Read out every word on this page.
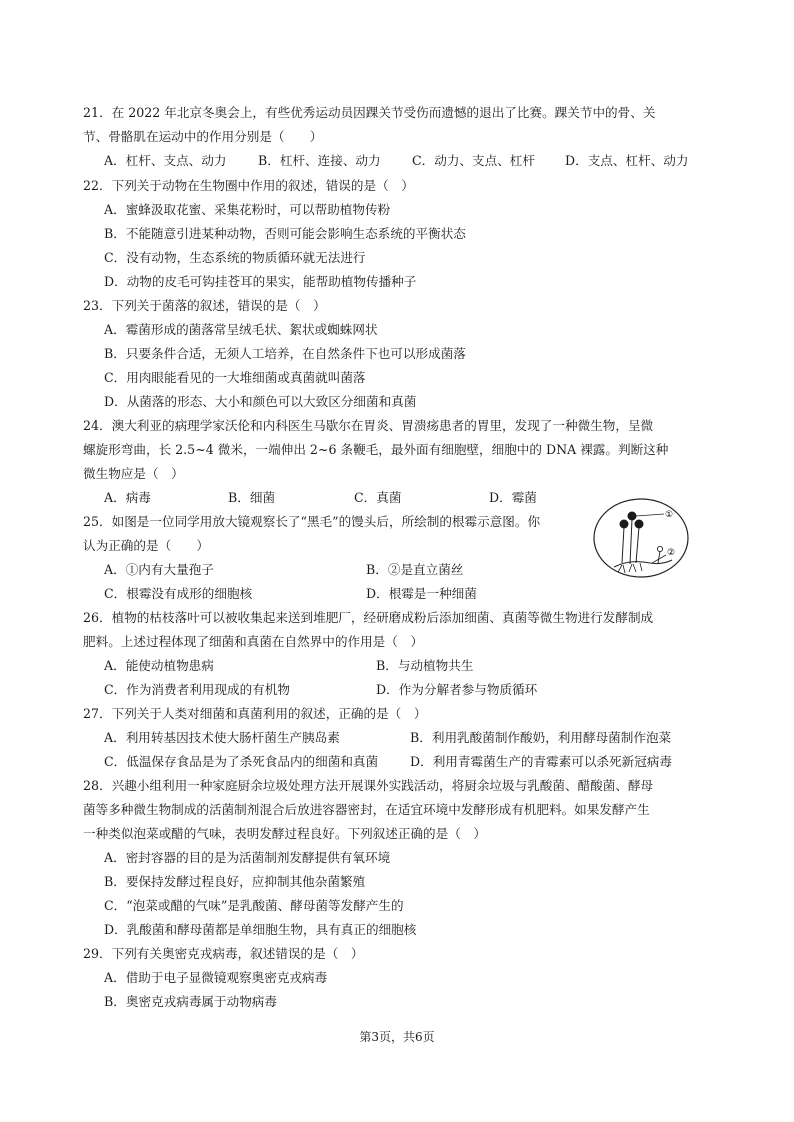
21．在 2022 年北京冬奥会上，有些优秀运动员因踝关节受伤而遗憾的退出了比赛。踝关节中的骨、关
节、骨骼肌在运动中的作用分别是（　　）
A．杠杆、支点、动力	B．杠杆、连接、动力 C．动力、支点、杠杆 D．支点、杠杆、动力
22．下列关于动物在生物圈中作用的叙述，错误的是（　）
A．蜜蜂汲取花蜜、采集花粉时，可以帮助植物传粉
B．不能随意引进某种动物，否则可能会影响生态系统的平衡状态
C．没有动物，生态系统的物质循环就无法进行
D．动物的皮毛可钩挂苍耳的果实，能帮助植物传播种子
23．下列关于菌落的叙述，错误的是（　）
A．霉菌形成的菌落常呈绒毛状、絮状或蜘蛛网状
B．只要条件合适，无须人工培养，在自然条件下也可以形成菌落
C．用肉眼能看见的一大堆细菌或真菌就叫菌落
D．从菌落的形态、大小和颜色可以大致区分细菌和真菌
24．澳大利亚的病理学家沃伦和内科医生马歇尔在胃炎、胃溃疡患者的胃里，发现了一种微生物，呈微
螺旋形弯曲，长 2.5~4 微米，一端伸出 2~6 条鞭毛，最外面有细胞壁，细胞中的 DNA 裸露。判断这种
微生物应是（　）
A．病毒	B．细菌	C．真菌	D．霉菌
25．如图是一位同学用放大镜观察长了“黑毛”的馒头后，所绘制的根霉示意图。你
认为正确的是（　　）
A．①内有大量孢子	B．②是直立菌丝
C．根霉没有成形的细胞核	D．根霉是一种细菌
①
②
26．植物的枯枝落叶可以被收集起来送到堆肥厂，经研磨成粉后添加细菌、真菌等微生物进行发酵制成
肥料。上述过程体现了细菌和真菌在自然界中的作用是（　）
A．能使动植物患病	B．与动植物共生
C．作为消费者利用现成的有机物	D．作为分解者参与物质循环
27．下列关于人类对细菌和真菌利用的叙述，正确的是（　）
A．利用转基因技术使大肠杆菌生产胰岛素	B．利用乳酸菌制作酸奶，利用酵母菌制作泡菜
C．低温保存食品是为了杀死食品内的细菌和真菌	D．利用青霉菌生产的青霉素可以杀死新冠病毒
28．兴趣小组利用一种家庭厨余垃圾处理方法开展课外实践活动，将厨余垃圾与乳酸菌、醋酸菌、酵母
菌等多种微生物制成的活菌制剂混合后放进容器密封，在适宜环境中发酵形成有机肥料。如果发酵产生
一种类似泡菜或醋的气味，表明发酵过程良好。下列叙述正确的是（　）
A．密封容器的目的是为活菌制剂发酵提供有氧环境
B．要保持发酵过程良好，应抑制其他杂菌繁殖
C．“泡菜或醋的气味”是乳酸菌、酵母菌等发酵产生的
D．乳酸菌和酵母菌都是单细胞生物，具有真正的细胞核
29．下列有关奥密克戎病毒，叙述错误的是（　）
A．借助于电子显微镜观察奥密克戎病毒
B．奥密克戎病毒属于动物病毒
第3页，共6页
